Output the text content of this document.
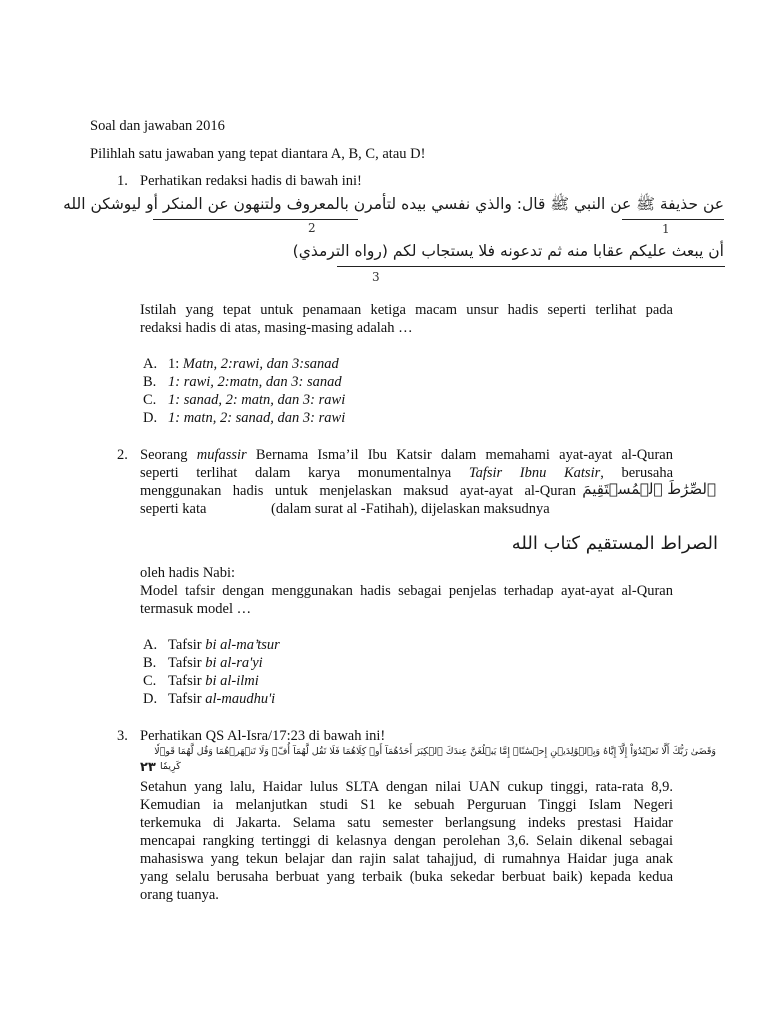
Soal dan jawaban 2016
Pilihlah satu jawaban yang tepat diantara A, B, C, atau D!
1. Perhatikan redaksi hadis di bawah ini!
عن حذيفة ﷺ عن النبي ﷺ قال: والذي نفسي بيده لتأمرن بالمعروف ولتنهون عن المنكر أو ليوشكن الله
2	1
أن يبعث عليكم عقابا منه ثم تدعونه فلا يستجاب لكم (رواه الترمذي)
3
Istilah yang tepat untuk penamaan ketiga macam unsur hadis seperti terlihat pada
redaksi hadis di atas, masing-masing adalah …
A. 1: Matn, 2:rawi, dan 3:sanad
B. 1: rawi, 2:matn, dan 3: sanad
C. 1: sanad, 2: matn, dan 3: rawi
D. 1: matn, 2: sanad, dan 3: rawi
2. Seorang mufassir Bernama Isma’il Ibu Katsir dalam memahami ayat-ayat al-Quran
seperti terlihat dalam karya monumentalnya Tafsir Ibnu Katsir, berusaha
menggunakan hadis untuk menjelaskan maksud ayat-ayat al-Quran ٱلصِّرَٰطَ ٱلۡمُسۡتَقِيمَ
seperti kata	(dalam surat al -Fatihah), dijelaskan maksudnya
الصراط المستقيم كتاب الله
oleh hadis Nabi:
Model tafsir dengan menggunakan hadis sebagai penjelas terhadap ayat-ayat al-Quran
termasuk model …
A. Tafsir bi al-ma’tsur
B. Tafsir bi al-ra'yi
C. Tafsir bi al-ilmi
D. Tafsir al-maudhu'i
3. Perhatikan QS Al-Isra/17:23 di bawah ini!
وَقَضَىٰ رَبُّكَ أَلَّا تَعۡبُدُوٓاْ إِلَّآ إِيَّاهُ وَبِٱلۡوَٰلِدَيۡنِ إِحۡسَٰنًاۚ إِمَّا يَبۡلُغَنَّ عِندَكَ ٱلۡكِبَرَ أَحَدُهُمَآ أَوۡ كِلَاهُمَا فَلَا تَقُل لَّهُمَآ أُفّٖ وَلَا تَنۡهَرۡهُمَا وَقُل لَّهُمَا قَوۡلٗا
كَرِيمٗا
٢٣
Setahun yang lalu, Haidar lulus SLTA dengan nilai UAN cukup tinggi, rata-rata 8,9.
Kemudian ia melanjutkan studi S1 ke sebuah Perguruan Tinggi Islam Negeri
terkemuka di Jakarta. Selama satu semester berlangsung indeks prestasi Haidar
mencapai rangking tertinggi di kelasnya dengan perolehan 3,6. Selain dikenal sebagai
mahasiswa yang tekun belajar dan rajin salat tahajjud, di rumahnya Haidar juga anak
yang selalu berusaha berbuat yang terbaik (buka sekedar berbuat baik) kepada kedua
orang tuanya.
